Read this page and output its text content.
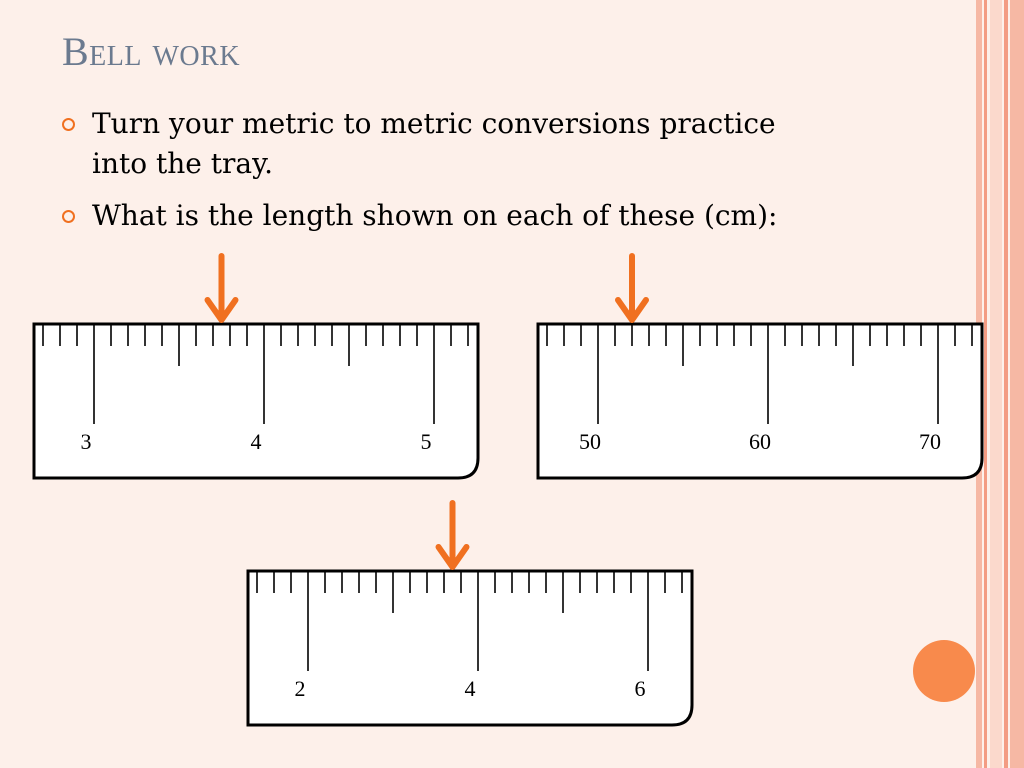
Bell work
Turn your metric to metric conversions practice
into the tray.
What is the length shown on each of these (cm):
3	4	5	50	60	70
2	4	6
